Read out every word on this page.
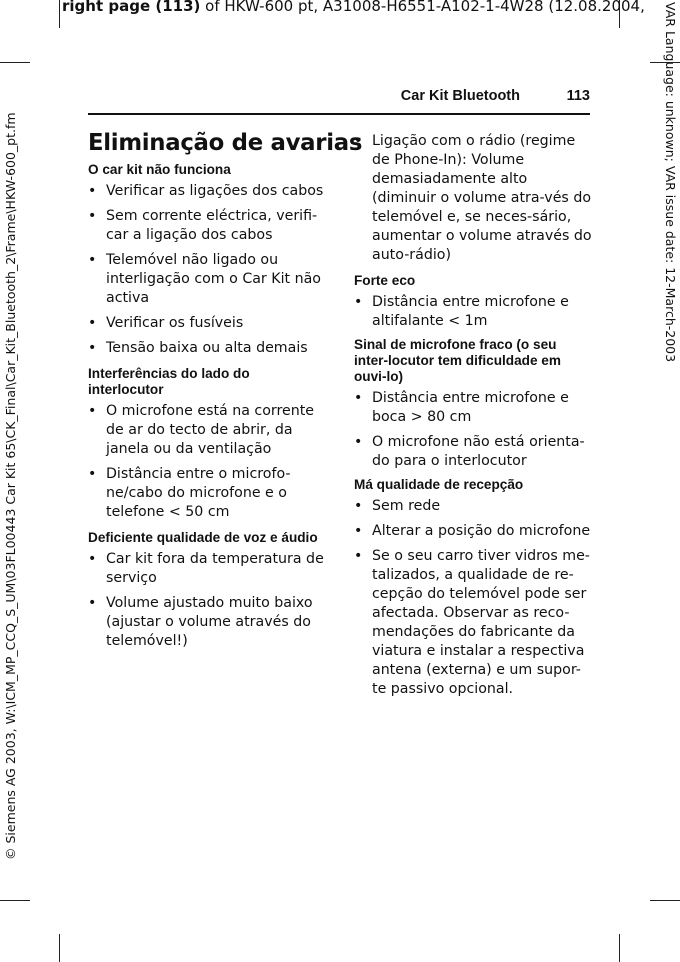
right page (113) of HKW-600 pt, A31008-H6551-A102-1-4W28 (12.08.2004,
© Siemens AG 2003, W:\ICM_MP_CCQ_S_UM\03FL00443 Car Kit 65\CK_Final\Car_Kit_Bluetooth_2\Frame\HKW-600_pt.fm	VAR Language: unknown; VAR issue date: 12-March-2003
Car Kit Bluetooth	113
Eliminação de avarias
O car kit não funciona
• Verificar as ligações dos cabos
• Sem corrente eléctrica, verifi-car a ligação dos cabos
• Telemóvel não ligado ou interligação com o Car Kit não activa
• Verificar os fusíveis
• Tensão baixa ou alta demais
Interferências do lado do interlocutor
• O microfone está na corrente de ar do tecto de abrir, da janela ou da ventilação
• Distância entre o microfo-ne/cabo do microfone e o telefone < 50 cm
Deficiente qualidade de voz e áudio
• Car kit fora da temperatura de serviço
• Volume ajustado muito baixo (ajustar o volume através do telemóvel!)
• Ligação com o rádio (regime de Phone-In): Volume demasiadamente alto (diminuir o volume atra-vés do telemóvel e, se neces-sário, aumentar o volume através do auto-rádio)
Forte eco
• Distância entre microfone e altifalante < 1m
Sinal de microfone fraco (o seu inter-locutor tem dificuldade em ouvi-lo)
• Distância entre microfone e boca > 80 cm
• O microfone não está orienta-do para o interlocutor
Má qualidade de recepção
• Sem rede
• Alterar a posição do microfone
• Se o seu carro tiver vidros me-talizados, a qualidade de re-cepção do telemóvel pode ser afectada. Observar as reco-mendações do fabricante da viatura e instalar a respectiva antena (externa) e um supor-te passivo opcional.
